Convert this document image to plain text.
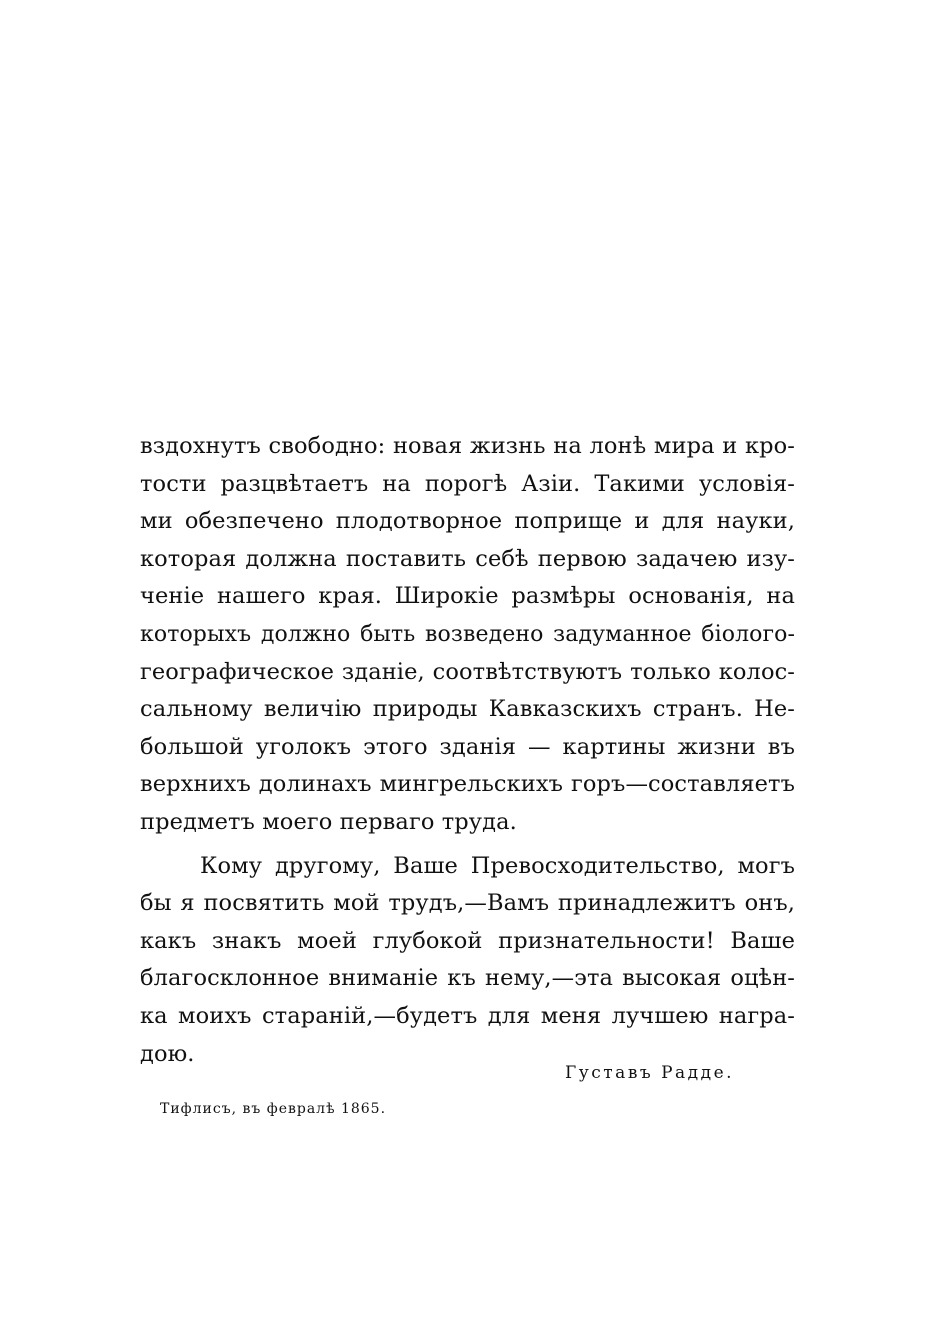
вздохнутъ свободно: новая жизнь на лонѣ мира и кро-
тости разцвѣтаетъ на порогѣ Азіи. Такими условія-
ми обезпечено плодотворное поприще и для науки,
которая должна поставить себѣ первою задачею изу-
ченіе нашего края. Широкіе размѣры основанія, на
которыхъ должно быть возведено задуманное біолого-
географическое зданіе, соотвѣтствуютъ только колос-
сальному величію природы Кавказскихъ странъ. Не-
большой уголокъ этого зданія — картины жизни въ
верхнихъ долинахъ мингрельскихъ горъ—составляетъ
предметъ моего перваго труда.
Кому другому, Ваше Превосходительство, могъ
бы я посвятить мой трудъ,—Вамъ принадлежитъ онъ,
какъ знакъ моей глубокой признательности! Ваше
благосклонное вниманіе къ нему,—эта высокая оцѣн-
ка моихъ стараній,—будетъ для меня лучшею награ-
дою.
Густавъ Радде.
Тифлисъ, въ февралѣ 1865.
